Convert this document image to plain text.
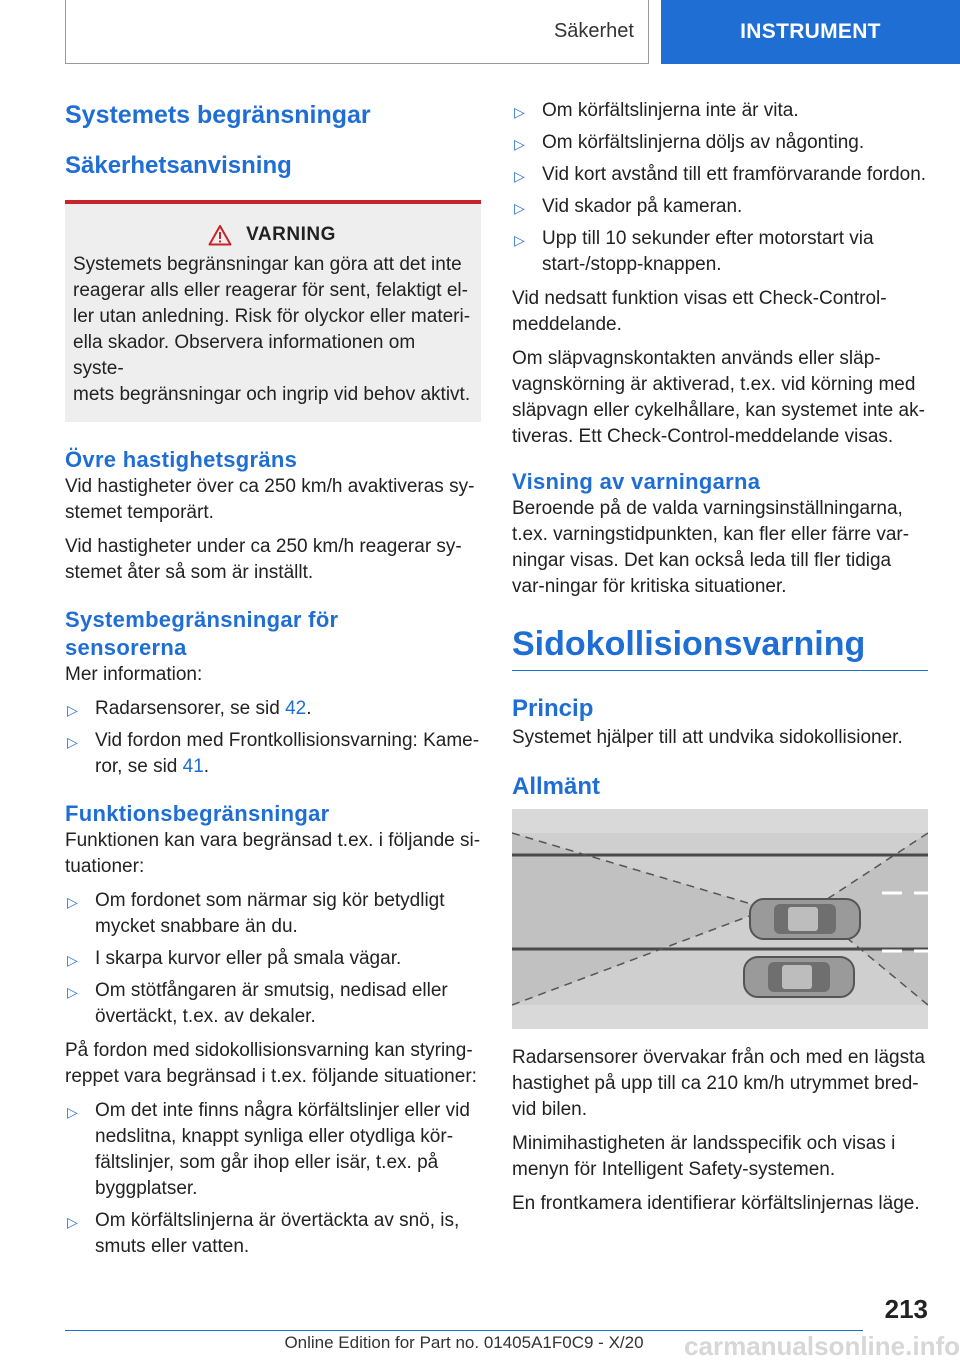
Säkerhet	INSTRUMENT
Systemets begränsningar
Säkerhetsanvisning
VARNING

Systemets begränsningar kan göra att det inte

reagerar alls eller reagerar för sent, felaktigt el-

ler utan anledning. Risk för olyckor eller materi-

ella skador. Observera informationen om syste-

mets begränsningar och ingrip vid behov aktivt.

Övre hastighetsgräns

Vid hastigheter över ca 250 km/h avaktiveras sy-stemet temporärt.

Vid hastigheter under ca 250 km/h reagerar sy-stemet åter så som är inställt.

Systembegränsningar för
sensorerna

Mer information:

▷ Radarsensorer, se sid 42.
▷ Vid fordon med Frontkollisionsvarning: Kame-ror, se sid 41.
Funktionsbegränsningar

Funktionen kan vara begränsad t.ex. i följande si-tuationer:

▷ Om fordonet som närmar sig kör betydligt mycket snabbare än du.
▷ I skarpa kurvor eller på smala vägar.
▷ Om stötfångaren är smutsig, nedisad eller övertäckt, t.ex. av dekaler.

På fordon med sidokollisionsvarning kan styring-reppet vara begränsad i t.ex. följande situationer:

▷ Om det inte finns några körfältslinjer eller vid nedslitna, knappt synliga eller otydliga kör-fältslinjer, som går ihop eller isär, t.ex. på byggplatser.
▷ Om körfältslinjerna är övertäckta av snö, is, smuts eller vatten.
▷ Om körfältslinjerna inte är vita.
▷ Om körfältslinjerna döljs av någonting.
▷ Vid kort avstånd till ett framförvarande fordon.
▷ Vid skador på kameran.
▷ Upp till 10 sekunder efter motorstart via start-/stopp-knappen.

Vid nedsatt funktion visas ett Check-Control-meddelande.

Om släpvagnskontakten används eller släp-vagnskörning är aktiverad, t.ex. vid körning med släpvagn eller cykelhållare, kan systemet inte ak-tiveras. Ett Check-Control-meddelande visas.

Visning av varningarna

Beroende på de valda varningsinställningarna, t.ex. varningstidpunkten, kan fler eller färre var-ningar visas. Det kan också leda till fler tidiga var-ningar för kritiska situationer.

Sidokollisionsvarning
Princip

Systemet hjälper till att undvika sidokollisioner.

Allmänt

Radarsensorer övervakar från och med en lägsta hastighet på upp till ca 210 km/h utrymmet bred-vid bilen.

Minimihastigheten är landsspecifik och visas i menyn för Intelligent Safety-systemen.

En frontkamera identifierar körfältslinjernas läge.

213
Online Edition for Part no. 01405A1F0C9 - X/20	carmanualsonline.info
